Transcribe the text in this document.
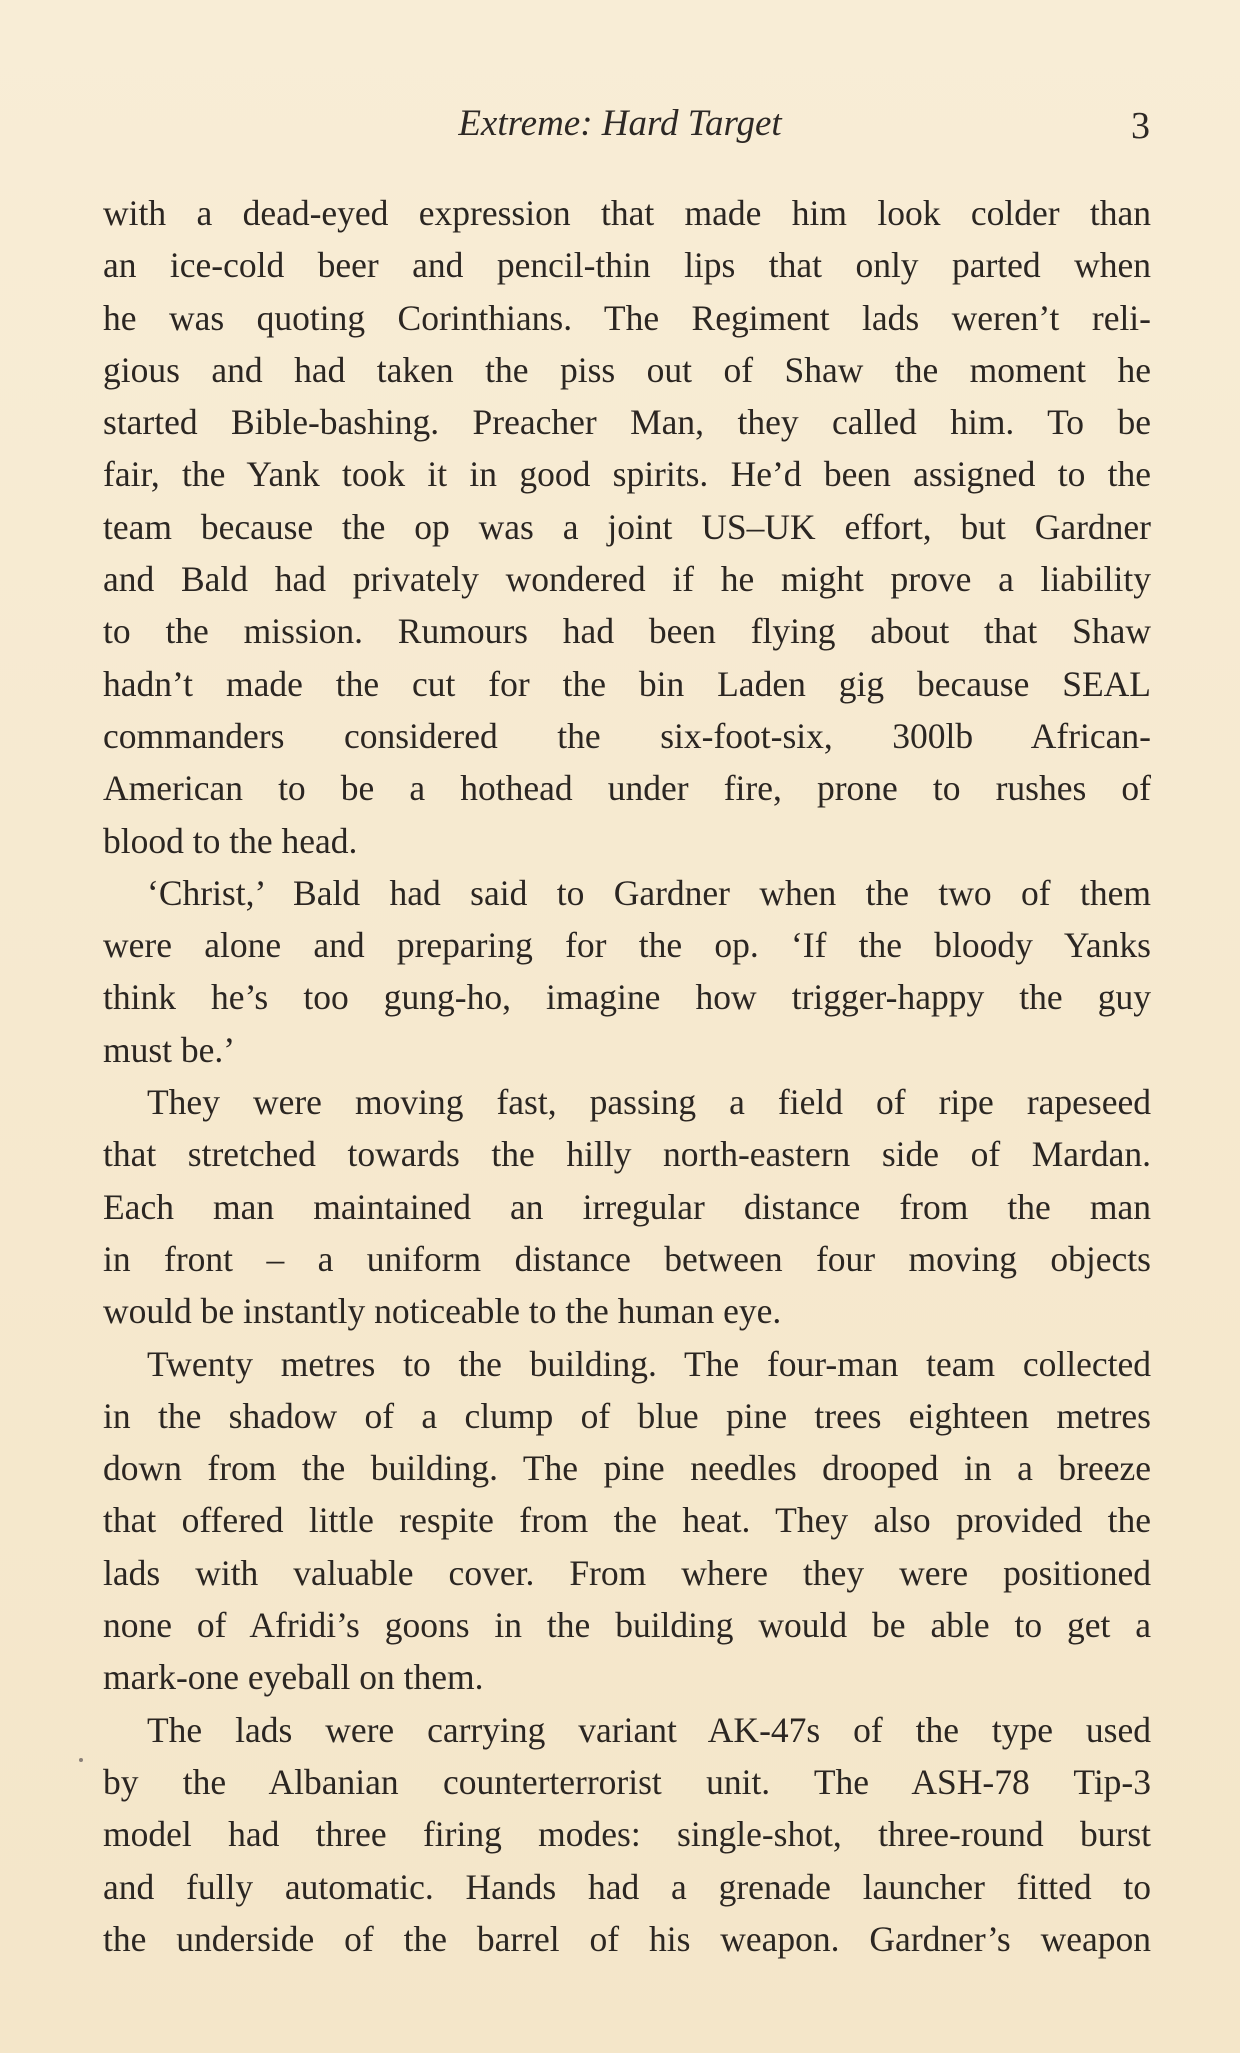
Extreme: Hard Target	3
with a dead-eyed expression that made him look colder than
an ice-cold beer and pencil-thin lips that only parted when
he was quoting Corinthians. The Regiment lads weren’t reli-
gious and had taken the piss out of Shaw the moment he
started Bible-bashing. Preacher Man, they called him. To be
fair, the Yank took it in good spirits. He’d been assigned to the
team because the op was a joint US–UK effort, but Gardner
and Bald had privately wondered if he might prove a liability
to the mission. Rumours had been flying about that Shaw
hadn’t made the cut for the bin Laden gig because SEAL
commanders considered the six-foot-six, 300lb African-
American to be a hothead under fire, prone to rushes of
blood to the head.
‘Christ,’ Bald had said to Gardner when the two of them
were alone and preparing for the op. ‘If the bloody Yanks
think he’s too gung-ho, imagine how trigger-happy the guy
must be.’
They were moving fast, passing a field of ripe rapeseed
that stretched towards the hilly north-eastern side of Mardan.
Each man maintained an irregular distance from the man
in front – a uniform distance between four moving objects
would be instantly noticeable to the human eye.
Twenty metres to the building. The four-man team collected
in the shadow of a clump of blue pine trees eighteen metres
down from the building. The pine needles drooped in a breeze
that offered little respite from the heat. They also provided the
lads with valuable cover. From where they were positioned
none of Afridi’s goons in the building would be able to get a
mark-one eyeball on them.
The lads were carrying variant AK-47s of the type used
by the Albanian counterterrorist unit. The ASH-78 Tip-3
model had three firing modes: single-shot, three-round burst
and fully automatic. Hands had a grenade launcher fitted to
the underside of the barrel of his weapon. Gardner’s weapon
